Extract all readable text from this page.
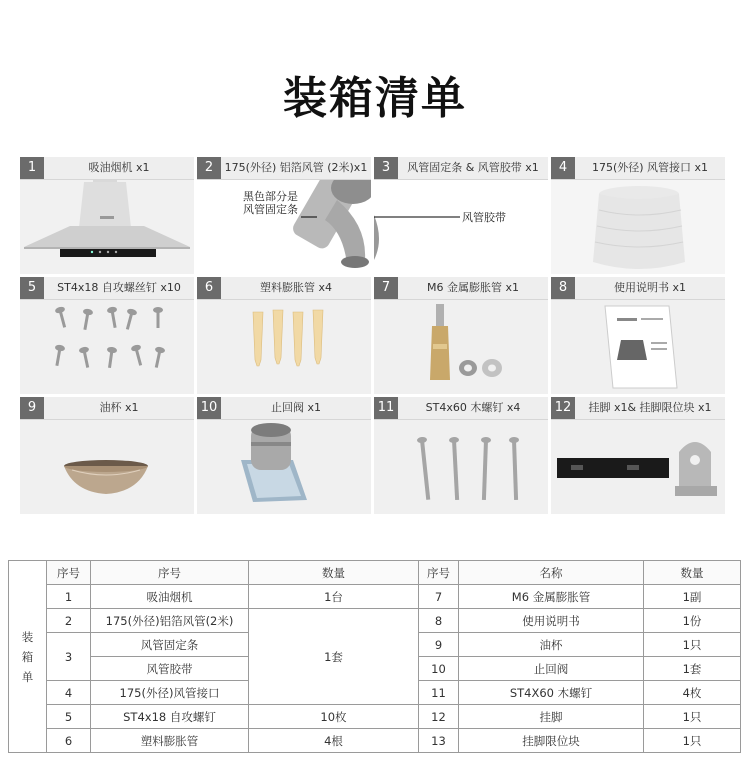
装箱清单
1	吸油烟机 x1	2	175(外径) 铝箔风管 (2米)x1
黑色部分是
风管固定条
3	风管固定条 & 风管胶带 x1
风管胶带
4	175(外径) 风管接口 x1
5	ST4x18 自攻螺丝钉 x10	6	塑料膨胀管 x4	7	M6 金属膨胀管 x1	8	使用说明书 x1
9	油杯 x1	10	止回阀 x1	11	ST4x60 木螺钉 x4	12	挂脚 x1& 挂脚限位块 x1
装
箱
单	序号	序号	数量	序号	名称	数量
	1	吸油烟机	1台	7	M6 金属膨胀管	1副
	2	175(外径)铝箔风管(2米)	1套	8	使用说明书	1份
	3	风管固定条		9	油杯	1只
		风管胶带		10	止回阀	1套
	4	175(外径)风管接口		11	ST4X60 木螺钉	4枚
	5	ST4x18 自攻螺钉	10枚	12	挂脚	1只
	6	塑料膨胀管	4根	13	挂脚限位块	1只
